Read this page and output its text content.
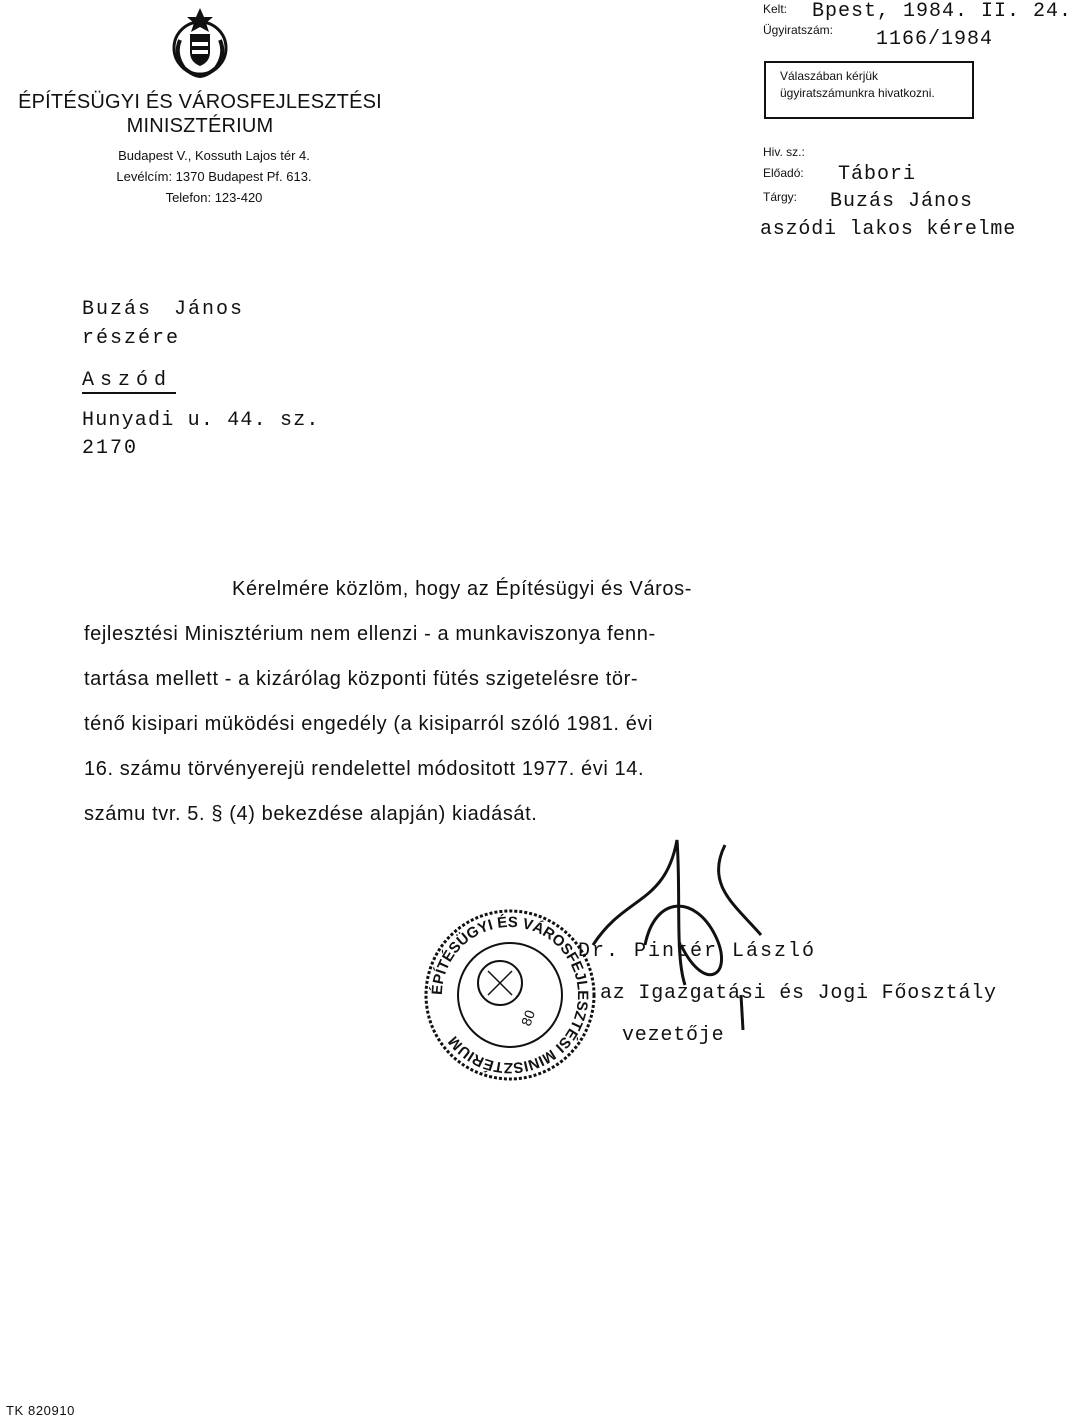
ÉPÍTÉSÜGYI ÉS VÁROSFEJLESZTÉSI MINISZTÉRIUM
Budapest V., Kossuth Lajos tér 4.
Levélcím: 1370 Budapest Pf. 613.
Telefon: 123-420
Kelt: Bpest, 1984. II. 24.
Ügyiratszám: 1166/1984
Válaszában kérjük ügyiratszámunkra hivatkozni.
Hiv. sz.:
Előadó: Tábori
Tárgy: Buzás János
aszódi lakos kérelme
Buzás János
részére
Aszód
Hunyadi u. 44. sz.
2170
Kérelmére közlöm, hogy az Építésügyi és Város-
fejlesztési Minisztérium nem ellenzi - a munkaviszonya fenn-
tartása mellett - a kizárólag központi fütés szigetelésre tör-
ténő kisipari müködési engedély (a kisiparról szóló 1981. évi
16. számu törvényerejü rendelettel módositott 1977. évi 14.
számu tvr. 5. § (4) bekezdése alapján) kiadását.
ÉPÍTÉSÜGYI ÉS VÁROSFEJLESZTÉSI MINISZTÉRIUM
80
Dr. Pintér László
az Igazgatási és Jogi Főosztály
vezetője
TK 820910
